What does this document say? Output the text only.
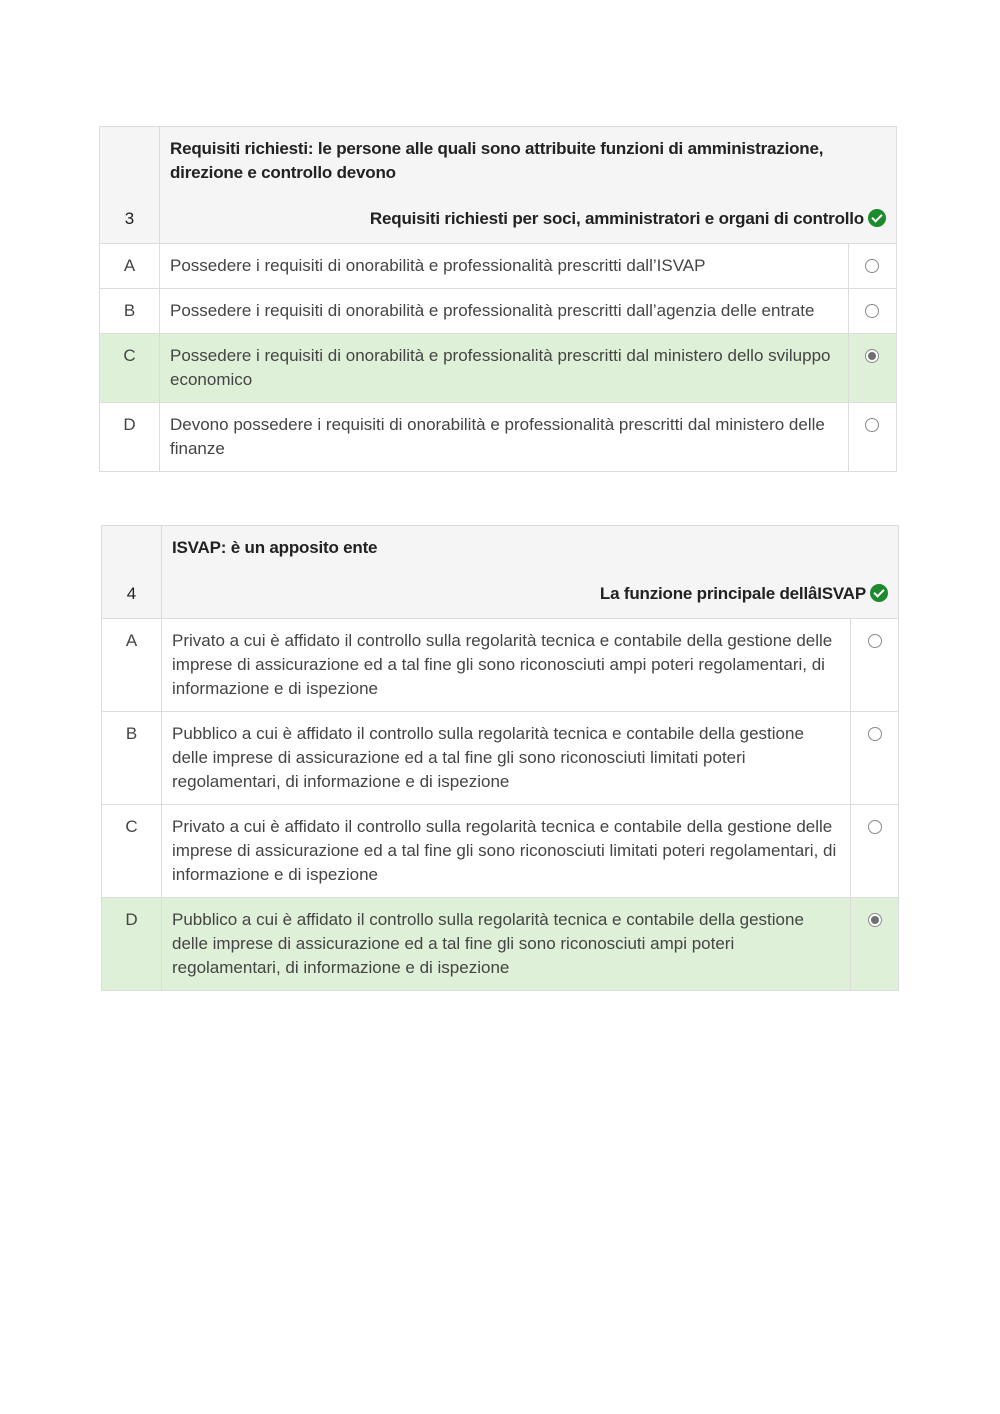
3	Requisiti richiesti: le persone alle quali sono attribuite funzioni di amministrazione, direzione e controllo devono
Requisiti richiesti per soci, amministratori e organi di controllo	

A	Possedere i requisiti di onorabilità e professionalità prescritti dall’ISVAP	
B	Possedere i requisiti di onorabilità e professionalità prescritti dall’agenzia delle entrate	
C	Possedere i requisiti di onorabilità e professionalità prescritti dal ministero dello sviluppo economico	
D	Devono possedere i requisiti di onorabilità e professionalità prescritti dal ministero delle finanze	
4	ISVAP: è un apposito ente
La funzione principale dellâISVAP	

A	Privato a cui è affidato il controllo sulla regolarità tecnica e contabile della gestione delle imprese di assicurazione ed a tal fine gli sono riconosciuti ampi poteri regolamentari, di informazione e di ispezione	
B	Pubblico a cui è affidato il controllo sulla regolarità tecnica e contabile della gestione delle imprese di assicurazione ed a tal fine gli sono riconosciuti limitati poteri regolamentari, di informazione e di ispezione	
C	Privato a cui è affidato il controllo sulla regolarità tecnica e contabile della gestione delle imprese di assicurazione ed a tal fine gli sono riconosciuti limitati poteri regolamentari, di informazione e di ispezione	
D	Pubblico a cui è affidato il controllo sulla regolarità tecnica e contabile della gestione delle imprese di assicurazione ed a tal fine gli sono riconosciuti ampi poteri regolamentari, di informazione e di ispezione	
